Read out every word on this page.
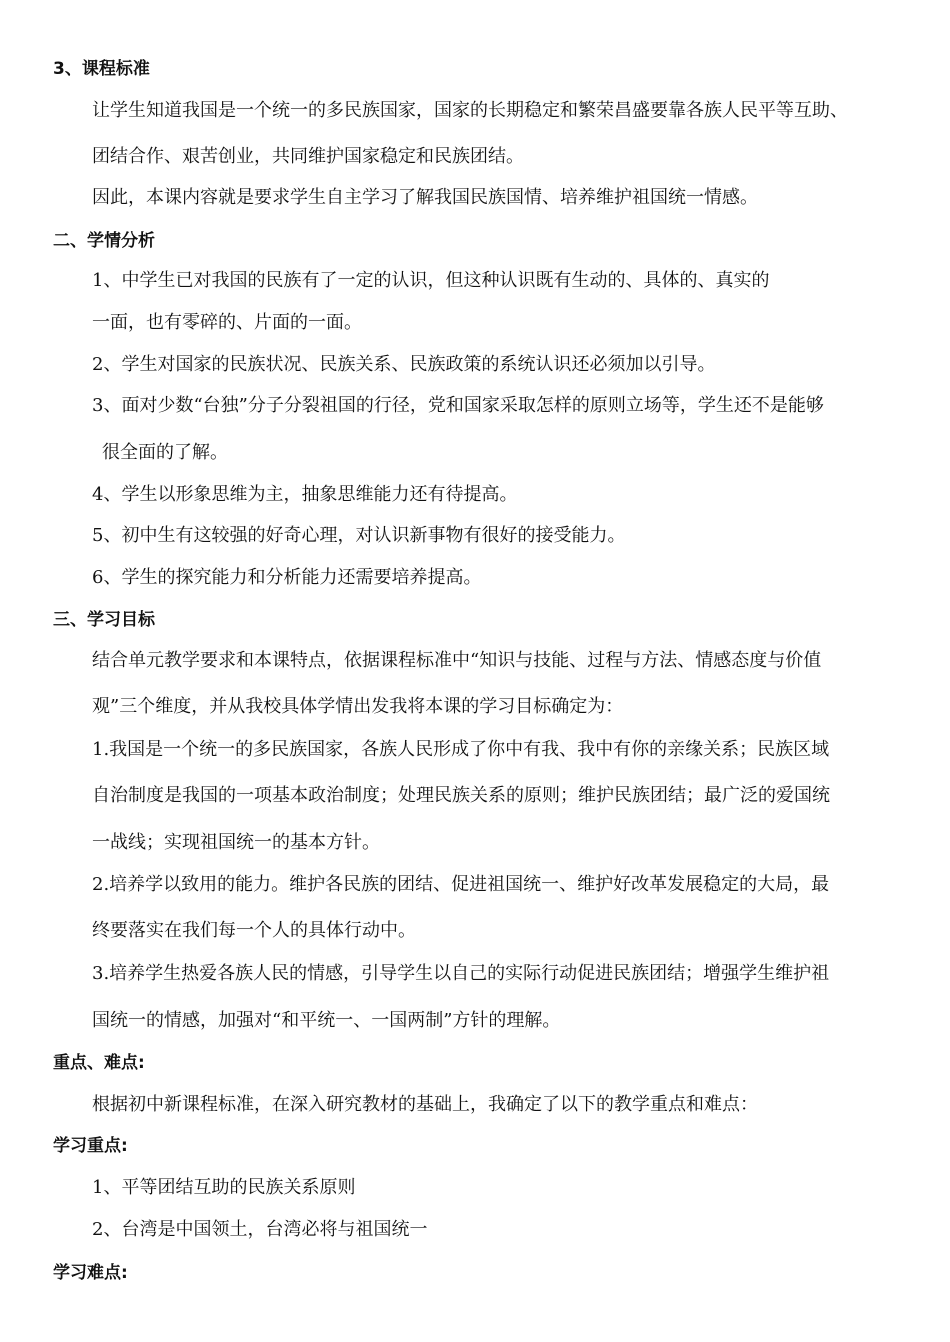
3、课程标准
让学生知道我国是一个统一的多民族国家，国家的长期稳定和繁荣昌盛要靠各族人民平等互助、
团结合作、艰苦创业，共同维护国家稳定和民族团结。
因此，本课内容就是要求学生自主学习了解我国民族国情、培养维护祖国统一情感。
二、学情分析
1、中学生已对我国的民族有了一定的认识，但这种认识既有生动的、具体的、真实的
一面，也有零碎的、片面的一面。
2、学生对国家的民族状况、民族关系、民族政策的系统认识还必须加以引导。
3、面对少数“台独”分子分裂祖国的行径，党和国家采取怎样的原则立场等，学生还不是能够
很全面的了解。
4、学生以形象思维为主，抽象思维能力还有待提高。
5、初中生有这较强的好奇心理，对认识新事物有很好的接受能力。
6、学生的探究能力和分析能力还需要培养提高。
三、学习目标
结合单元教学要求和本课特点，依据课程标准中“知识与技能、过程与方法、情感态度与价值
观”三个维度，并从我校具体学情出发我将本课的学习目标确定为：
1.我国是一个统一的多民族国家，各族人民形成了你中有我、我中有你的亲缘关系；民族区域
自治制度是我国的一项基本政治制度；处理民族关系的原则；维护民族团结；最广泛的爱国统
一战线；实现祖国统一的基本方针。
2.培养学以致用的能力。维护各民族的团结、促进祖国统一、维护好改革发展稳定的大局，最
终要落实在我们每一个人的具体行动中。
3.培养学生热爱各族人民的情感，引导学生以自己的实际行动促进民族团结；增强学生维护祖
国统一的情感，加强对“和平统一、一国两制”方针的理解。
重点、难点:
根据初中新课程标准，在深入研究教材的基础上，我确定了以下的教学重点和难点：
学习重点:
1、平等团结互助的民族关系原则
2、台湾是中国领土，台湾必将与祖国统一
学习难点:
